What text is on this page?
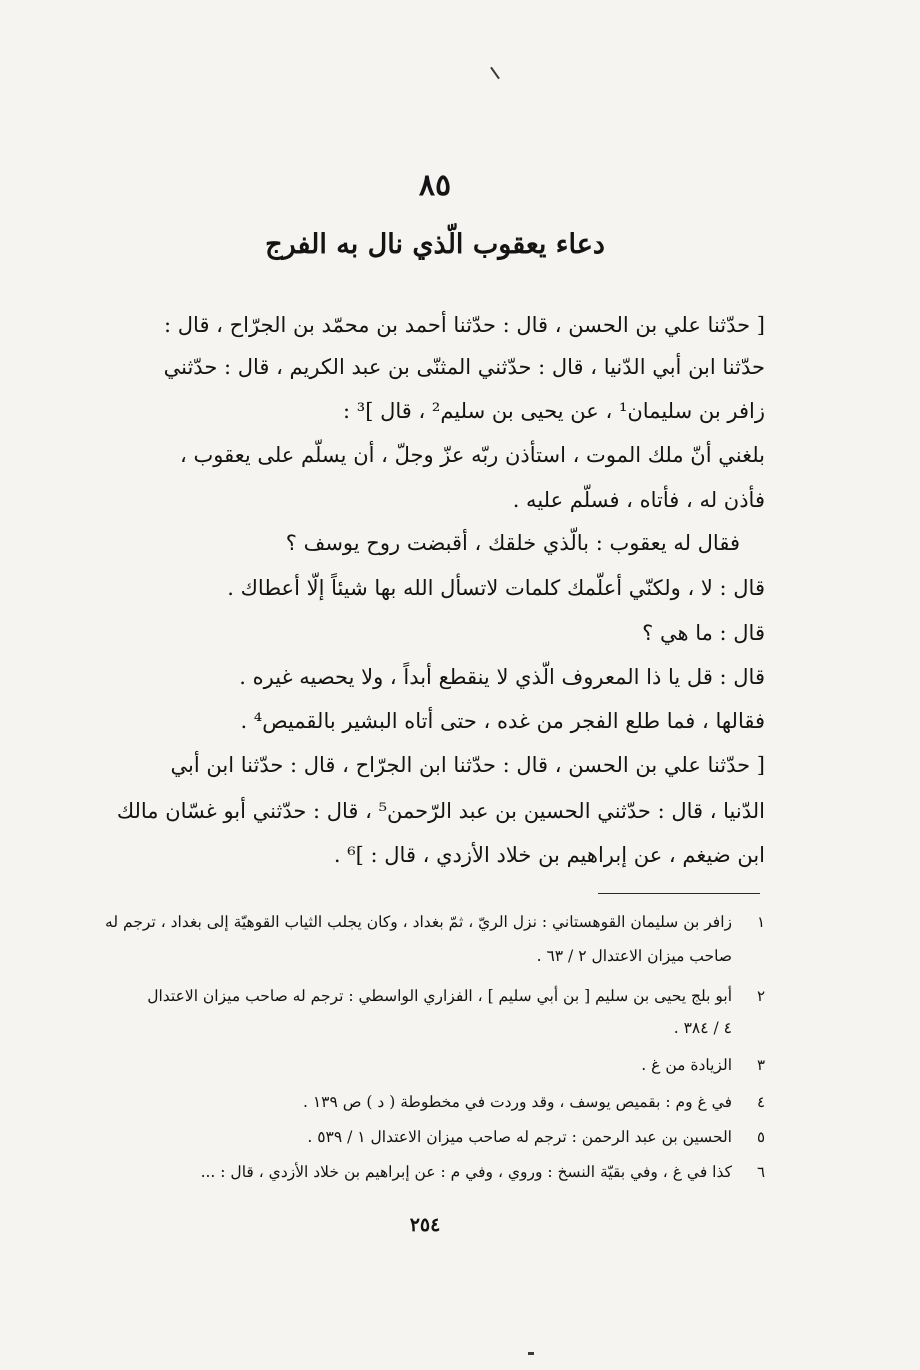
٨٥
دعاء يعقوب الّذي نال به الفرج
[ حدّثنا علي بن الحسن ، قال : حدّثنا أحمد بن محمّد بن الجرّاح ، قال :
حدّثنا ابن أبي الدّنيا ، قال : حدّثني المثنّى بن عبد الكريم ، قال : حدّثني
زافر بن سليمان¹ ، عن يحيى بن سليم² ، قال ]³ :
بلغني أنّ ملك الموت ، استأذن ربّه عزّ وجلّ ، أن يسلّم على يعقوب ،
فأذن له ، فأتاه ، فسلّم عليه .
فقال له يعقوب : بالّذي خلقك ، أقبضت روح يوسف ؟
قال : لا ، ولكنّي أعلّمك كلمات لاتسأل الله بها شيئاً إلّا أعطاك .
قال : ما هي ؟
قال : قل يا ذا المعروف الّذي لا ينقطع أبداً ، ولا يحصيه غيره .
فقالها ، فما طلع الفجر من غده ، حتى أتاه البشير بالقميص⁴ .
[ حدّثنا علي بن الحسن ، قال : حدّثنا ابن الجرّاح ، قال : حدّثنا ابن أبي
الدّنيا ، قال : حدّثني الحسين بن عبد الرّحمن⁵ ، قال : حدّثني أبو غسّان مالك
ابن ضيغم ، عن إبراهيم بن خلاد الأزدي ، قال : ]⁶ .
١
زافر بن سليمان القوهستاني : نزل الريّ ، ثمّ بغداد ، وكان يجلب الثياب القوهيّة إلى بغداد ، ترجم له
صاحب ميزان الاعتدال ٢ / ٦٣ .
٢
أبو بلج يحيى بن سليم [ بن أبي سليم ] ، الفزاري الواسطي : ترجم له صاحب ميزان الاعتدال
٤ / ٣٨٤ .
٣
الزيادة من غ .
٤
في غ وم : بقميص يوسف ، وقد وردت في مخطوطة ( د ) ص ١٣٩ .
٥
الحسين بن عبد الرحمن : ترجم له صاحب ميزان الاعتدال ١ / ٥٣٩ .
٦
كذا في غ ، وفي بقيّة النسخ : وروي ، وفي م : عن إبراهيم بن خلاد الأزدي ، قال : ...
٢٥٤
